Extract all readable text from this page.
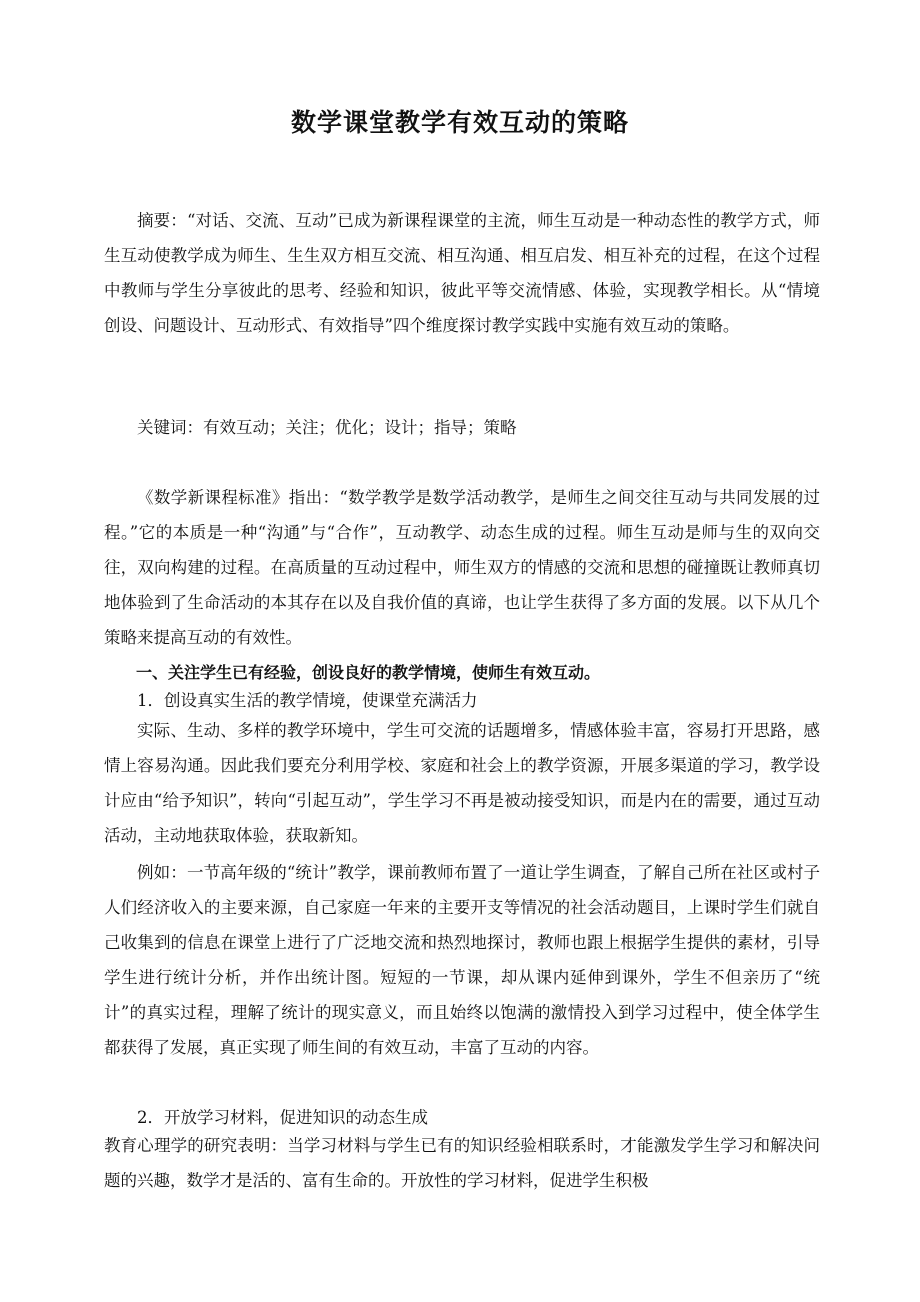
数学课堂教学有效互动的策略

摘要：“对话、交流、互动”已成为新课程课堂的主流，师生互动是一种动态性的教学方式，师生互动使教学成为师生、生生双方相互交流、相互沟通、相互启发、相互补充的过程，在这个过程中教师与学生分享彼此的思考、经验和知识，彼此平等交流情感、体验，实现教学相长。从“情境创设、问题设计、互动形式、有效指导”四个维度探讨教学实践中实施有效互动的策略。

关键词：有效互动；关注；优化；设计；指导；策略

《数学新课程标准》指出：“数学教学是数学活动教学，是师生之间交往互动与共同发展的过程。”它的本质是一种“沟通”与“合作”，互动教学、动态生成的过程。师生互动是师与生的双向交往，双向构建的过程。在高质量的互动过程中，师生双方的情感的交流和思想的碰撞既让教师真切地体验到了生命活动的本其存在以及自我价值的真谛，也让学生获得了多方面的发展。以下从几个策略来提高互动的有效性。

一、关注学生已有经验，创设良好的教学情境，使师生有效互动。

1．创设真实生活的教学情境，使课堂充满活力

实际、生动、多样的教学环境中，学生可交流的话题增多，情感体验丰富，容易打开思路，感情上容易沟通。因此我们要充分利用学校、家庭和社会上的教学资源，开展多渠道的学习，教学设计应由“给予知识”，转向“引起互动”，学生学习不再是被动接受知识，而是内在的需要，通过互动活动，主动地获取体验，获取新知。

例如：一节高年级的“统计”教学，课前教师布置了一道让学生调查，了解自己所在社区或村子人们经济收入的主要来源，自己家庭一年来的主要开支等情况的社会活动题目，上课时学生们就自己收集到的信息在课堂上进行了广泛地交流和热烈地探讨，教师也跟上根据学生提供的素材，引导学生进行统计分析，并作出统计图。短短的一节课，却从课内延伸到课外，学生不但亲历了“统计”的真实过程，理解了统计的现实意义，而且始终以饱满的激情投入到学习过程中，使全体学生都获得了发展，真正实现了师生间的有效互动，丰富了互动的内容。

2．开放学习材料，促进知识的动态生成

教育心理学的研究表明：当学习材料与学生已有的知识经验相联系时，才能激发学生学习和解决问题的兴趣，数学才是活的、富有生命的。开放性的学习材料，促进学生积极
